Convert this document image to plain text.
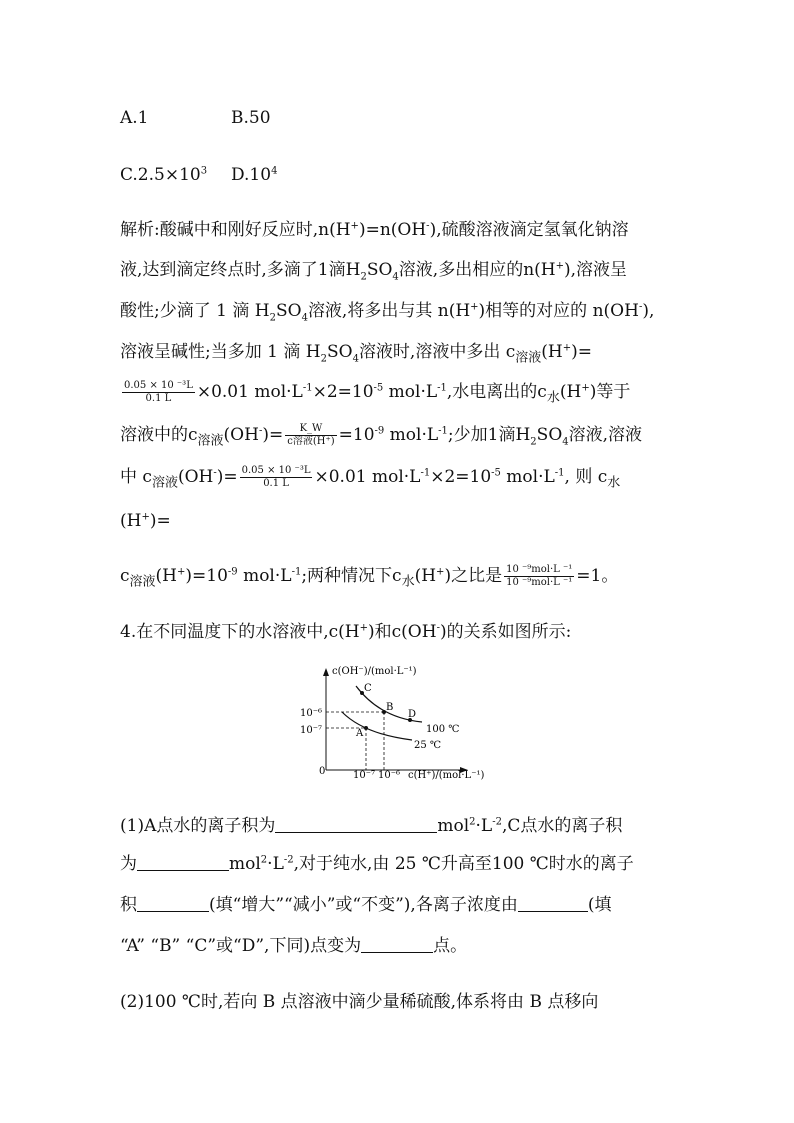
A.1	B.50
$C.2.5\times 10^3$ $D.10^4$
解析:酸碱中和刚好反应时,n(H+)=n(OH-),硫酸溶液滴定氢氧化钠溶
液,达到滴定终点时,多滴了1滴$H_2SO_4$溶液,多出相应的n(H+),溶液呈
酸性;少滴了 1 滴 $H_2SO_4$溶液,将多出与其 n(H+)相等的对应的 n(OH-),
溶液呈碱性;当多加 1 滴 $H_2SO_4$溶液时,溶液中多出 $c_{溶液}(H^+)=$
$\frac{\text{0.05 × 10 ⁻³L}}{0.1 L} \times 0.01$ $mol\cdot L^{-1}\times 2=10^{-5}$ $mol\cdot L^{-1}$,水电离出的$c_水(H^+)$等于
溶液中的$c_{溶液}(OH^-)= \frac{K\_W}{\text{c溶液(H⁺)}} =10^{-9}$ $mol\cdot L^{-1}$;少加1滴$H_2SO_4$溶液,溶液
中 $c_{溶液}(OH^-)= \frac{\text{0.05 × 10 ⁻³L}}{0.1 L} \times 0.01$ $mol\cdot L^{-1}\times 2=10^{-5}$ $mol\cdot L^{-1}$, 则 $c_水$
(H+)=
$c_{溶液}(H^+)=10^{-9}$ $mol\cdot L^{-1}$;两种情况下$c_水(H^+)$之比是 $\frac{\text{10 ⁻⁹mol·L ⁻¹}}{\text{10 ⁻⁹mol·L ⁻¹}} =1$。
4.在不同温度下的水溶液中,c(H+)和c(OH-)的关系如图所示:
c(OH⁻)/(mol·L⁻¹)
c(H⁺)/(mol·L⁻¹)
0
10⁻⁶
10⁻⁷
10⁻⁷ 10⁻⁶
C
B
D
A	100 ℃
25 ℃
(1)A点水的离子积为	$mol^2\cdot L^{-2},C$点水的离子积
为	$mol^2\cdot L^{-2}$,对于纯水,由 25 ℃升高至100 ℃时水的离子
积	(填“增大”“减小”或“不变”),各离子浓度由	(填
“A” “B” “C”或“D”,下同)点变为	点。
(2)100 ℃时,若向 B 点溶液中滴少量稀硫酸,体系将由 B 点移向
